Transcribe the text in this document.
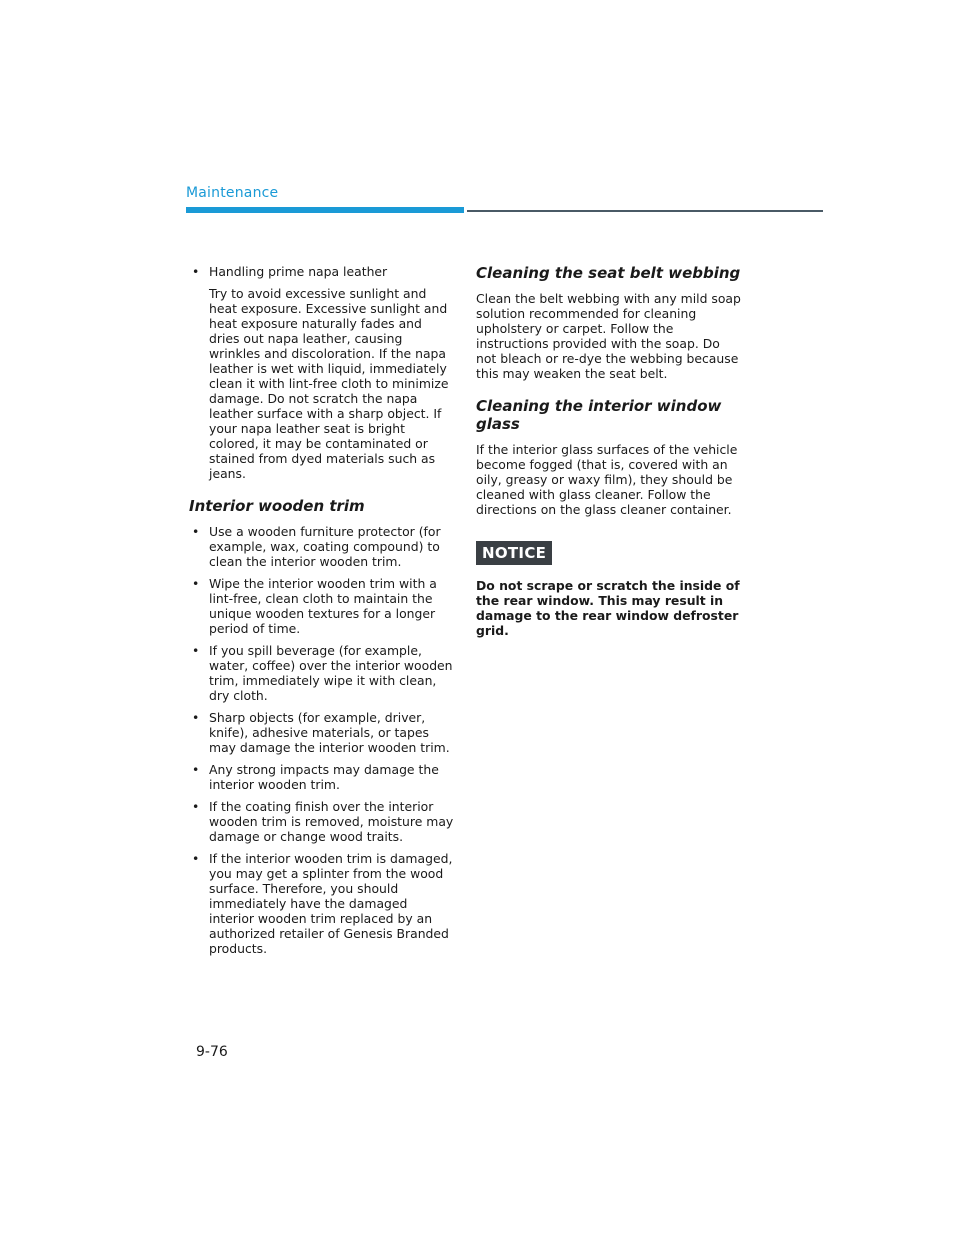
Maintenance
• Handling prime napa leather

Try to avoid excessive sunlight and heat exposure. Excessive sunlight and heat exposure naturally fades and dries out napa leather, causing wrinkles and discoloration. If the napa leather is wet with liquid, immediately clean it with lint-free cloth to minimize damage. Do not scratch the napa leather surface with a sharp object. If your napa leather seat is bright colored, it may be contaminated or stained from dyed materials such as jeans.

Interior wooden trim
• Use a wooden furniture protector (for example, wax, coating compound) to clean the interior wooden trim.

• Wipe the interior wooden trim with a lint-free, clean cloth to maintain the unique wooden textures for a longer period of time.

• If you spill beverage (for example, water, coffee) over the interior wooden trim, immediately wipe it with clean, dry cloth.

• Sharp objects (for example, driver, knife), adhesive materials, or tapes may damage the interior wooden trim.

• Any strong impacts may damage the interior wooden trim.

• If the coating finish over the interior wooden trim is removed, moisture may damage or change wood traits.

• If the interior wooden trim is damaged, you may get a splinter from the wood surface. Therefore, you should immediately have the damaged interior wooden trim replaced by an authorized retailer of Genesis Branded products.

Cleaning the seat belt webbing

Clean the belt webbing with any mild soap solution recommended for cleaning upholstery or carpet. Follow the instructions provided with the soap. Do not bleach or re-dye the webbing because this may weaken the seat belt.

Cleaning the interior window glass

If the interior glass surfaces of the vehicle become fogged (that is, covered with an oily, greasy or waxy film), they should be cleaned with glass cleaner. Follow the directions on the glass cleaner container.

NOTICE

Do not scrape or scratch the inside of the rear window. This may result in damage to the rear window defroster grid.

9-76
